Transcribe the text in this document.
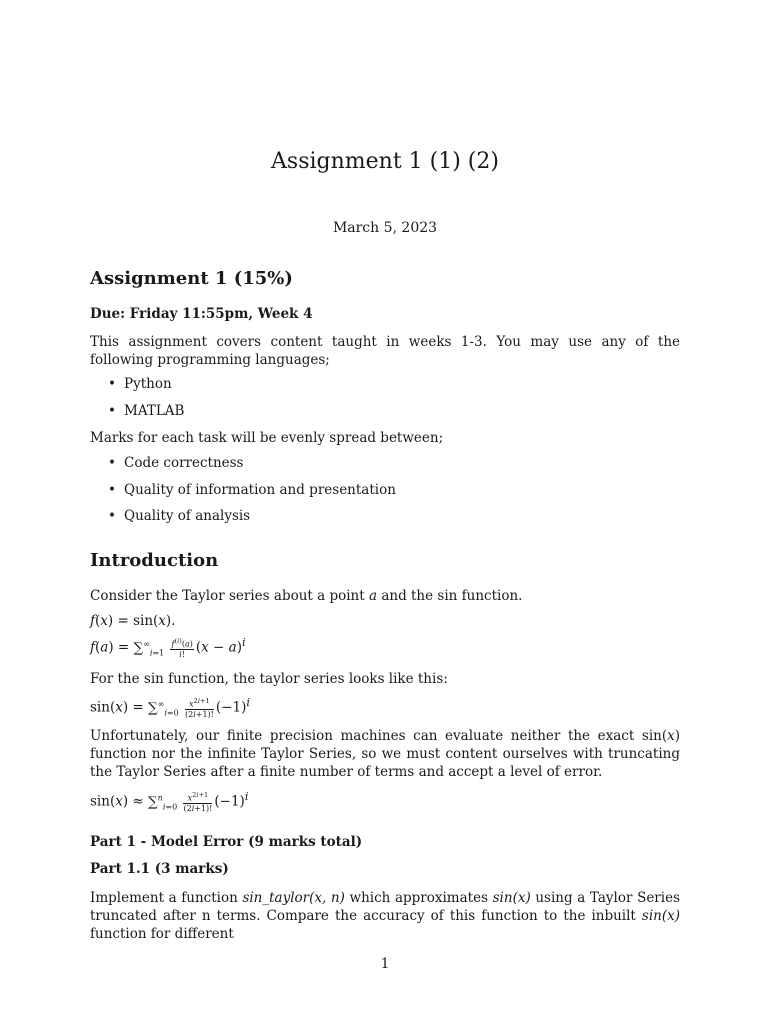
Assignment 1 (1) (2)
March 5, 2023
Assignment 1 (15%)
Due: Friday 11:55pm, Week 4
This assignment covers content taught in weeks 1-3. You may use any of the following programming languages;
• Python
• MATLAB
Marks for each task will be evenly spread between;
• Code correctness
• Quality of information and presentation
• Quality of analysis
Introduction
Consider the Taylor series about a point a and the sin function.
f(x) = sin(x).
$f(a) = \sum^\infty_{i=1} \frac{f^{(i)}(a)}{i!} (x - a)^i$
For the sin function, the taylor series looks like this:
$\sin(x) = \sum^\infty_{i=0} \frac{x^{2i+1}}{(2i+1)!} (-1)^i$
Unfortunately, our finite precision machines can evaluate neither the exact sin(x) function nor the infinite Taylor Series, so we must content ourselves with truncating the Taylor Series after a finite number of terms and accept a level of error.
$\sin(x) \approx \sum^n_{i=0} \frac{x^{2i+1}}{(2i+1)!} (-1)^i$
Part 1 - Model Error (9 marks total)
Part 1.1 (3 marks)
Implement a function sin_taylor(x, n) which approximates sin(x) using a Taylor Series truncated after n terms. Compare the accuracy of this function to the inbuilt sin(x) function for different
1
